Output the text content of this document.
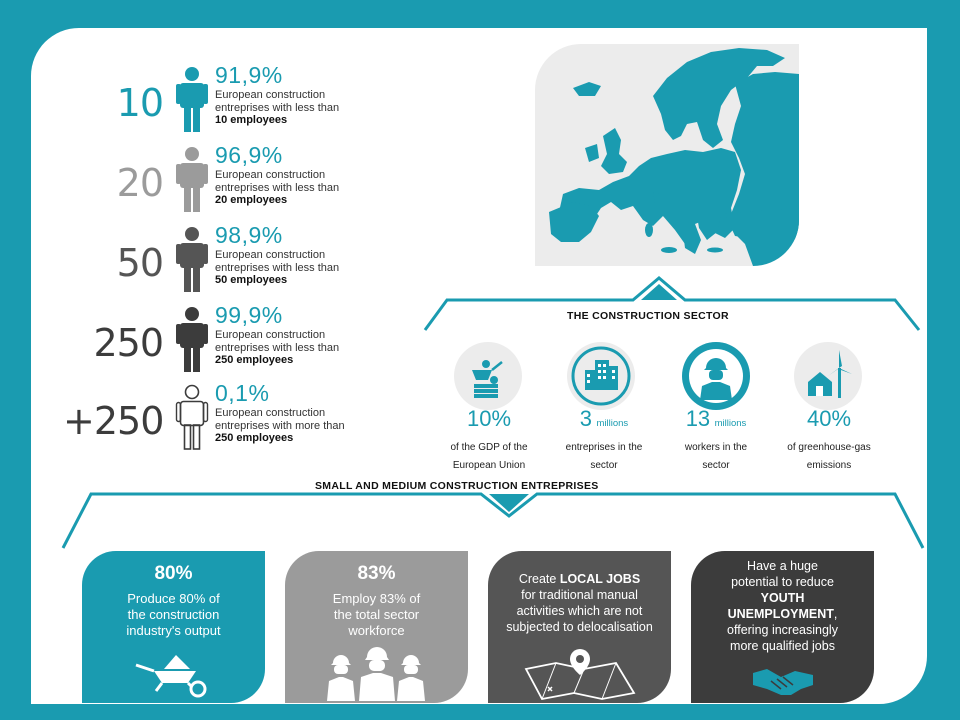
10
91,9%
European construction entreprises with less than
10 employees
20
96,9%
European construction entreprises with less than
20 employees
50
98,9%
European construction entreprises with less than
50 employees
250
99,9%
European construction entreprises with less than
250 employees
+250
0,1%
European construction entreprises with more than
250 employees
THE CONSTRUCTION SECTOR
10%
of the GDP of the
European Union
3 millions
entreprises in the
sector
13 millions
workers in the
sector
40%
of greenhouse-gas
emissions
SMALL AND MEDIUM CONSTRUCTION ENTREPRISES
80%
Produce 80% of
the construction
industry's output
83%
Employ 83% of
the total sector
workforce
Create LOCAL JOBS
for traditional manual
activities which are not
subjected to delocalisation
Have a huge
potential to reduce
YOUTH
UNEMPLOYMENT,
offering increasingly
more qualified jobs
